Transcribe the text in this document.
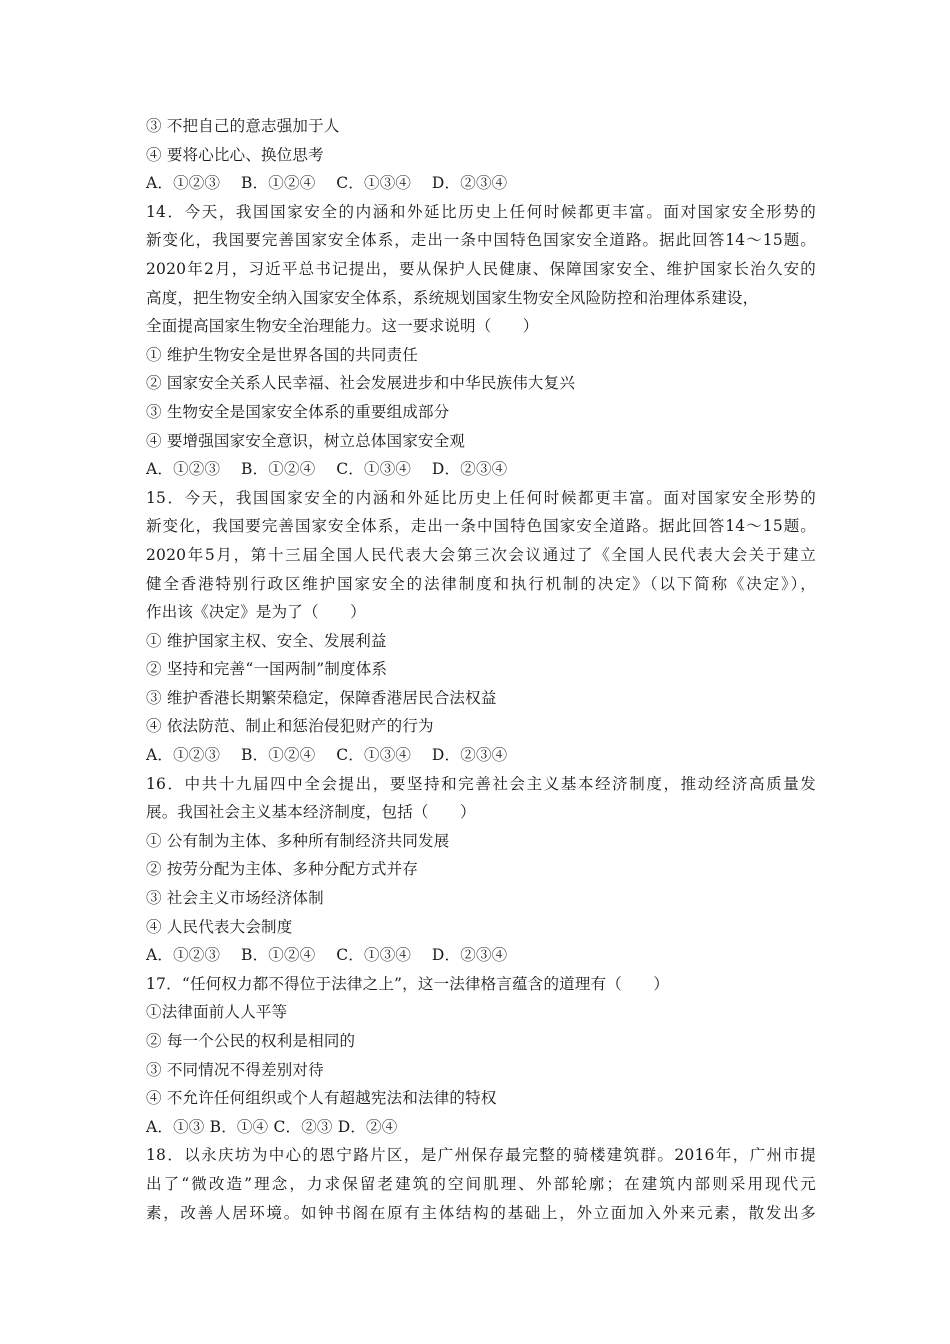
③ 不把自己的意志强加于人
④ 要将心比心、换位思考
A．①②③　 B．①②④　 C．①③④　 D．②③④
14．今天，我国国家安全的内涵和外延比历史上任何时候都更丰富。面对国家安全形势的
新变化，我国要完善国家安全体系，走出一条中国特色国家安全道路。据此回答14～15题。
2020年2月，习近平总书记提出，要从保护人民健康、保障国家安全、维护国家长治久安的
高度，把生物安全纳入国家安全体系，系统规划国家生物安全风险防控和治理体系建设，
全面提高国家生物安全治理能力。这一要求说明（　　）
① 维护生物安全是世界各国的共同责任
② 国家安全关系人民幸福、社会发展进步和中华民族伟大复兴
③ 生物安全是国家安全体系的重要组成部分
④ 要增强国家安全意识，树立总体国家安全观
A．①②③　 B．①②④　 C．①③④　 D．②③④
15．今天，我国国家安全的内涵和外延比历史上任何时候都更丰富。面对国家安全形势的
新变化，我国要完善国家安全体系，走出一条中国特色国家安全道路。据此回答14～15题。
2020年5月，第十三届全国人民代表大会第三次会议通过了《全国人民代表大会关于建立
健全香港特别行政区维护国家安全的法律制度和执行机制的决定》（以下简称《决定》），
作出该《决定》是为了（　　）
① 维护国家主权、安全、发展利益
② 坚持和完善“一国两制”制度体系
③ 维护香港长期繁荣稳定，保障香港居民合法权益
④ 依法防范、制止和惩治侵犯财产的行为
A．①②③　 B．①②④　 C．①③④　 D．②③④
16．中共十九届四中全会提出，要坚持和完善社会主义基本经济制度，推动经济高质量发
展。我国社会主义基本经济制度，包括（　　）
① 公有制为主体、多种所有制经济共同发展
② 按劳分配为主体、多种分配方式并存
③ 社会主义市场经济体制
④ 人民代表大会制度
A．①②③　 B．①②④　 C．①③④　 D．②③④
17．“任何权力都不得位于法律之上”，这一法律格言蕴含的道理有（　　）
①法律面前人人平等
② 每一个公民的权利是相同的
③ 不同情况不得差别对待
④ 不允许任何组织或个人有超越宪法和法律的特权
A．①③ B．①④ C．②③ D．②④
18．以永庆坊为中心的恩宁路片区，是广州保存最完整的骑楼建筑群。2016年，广州市提
出了“微改造”理念，力求保留老建筑的空间肌理、外部轮廓；在建筑内部则采用现代元
素，改善人居环境。如钟书阁在原有主体结构的基础上，外立面加入外来元素，散发出多
